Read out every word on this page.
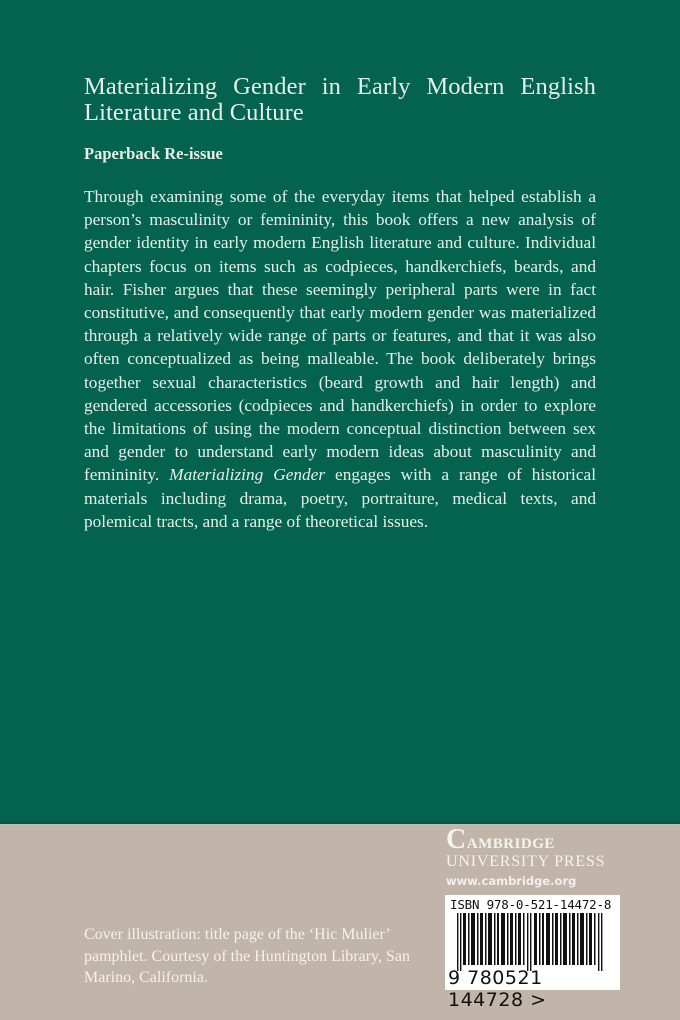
Materializing Gender in Early Modern English
Literature and Culture

Paperback Re-issue

Through examining some of the everyday items that helped establish a person’s masculinity or femininity, this book offers a new analysis of gender identity in early modern English literature and culture. Individual chapters focus on items such as codpieces, handkerchiefs, beards, and hair. Fisher argues that these seemingly peripheral parts were in fact constitutive, and consequently that early modern gender was materialized through a relatively wide range of parts or features, and that it was also often conceptualized as being malleable. The book deliberately brings together sexual characteristics (beard growth and hair length) and gendered accessories (codpieces and handkerchiefs) in order to explore the limitations of using the modern conceptual distinction between sex and gender to understand early modern ideas about masculinity and femininity. Materializing Gender engages with a range of historical materials including drama, poetry, portraiture, medical texts, and polemical tracts, and a range of theoretical issues.

Cover illustration: title page of the ‘Hic Mulier’ pamphlet. Courtesy of the Huntington Library, San Marino, California.

Cambridge
UNIVERSITY PRESS
www.cambridge.org
ISBN 978-0-521-14472-8
9 780521 144728 >
